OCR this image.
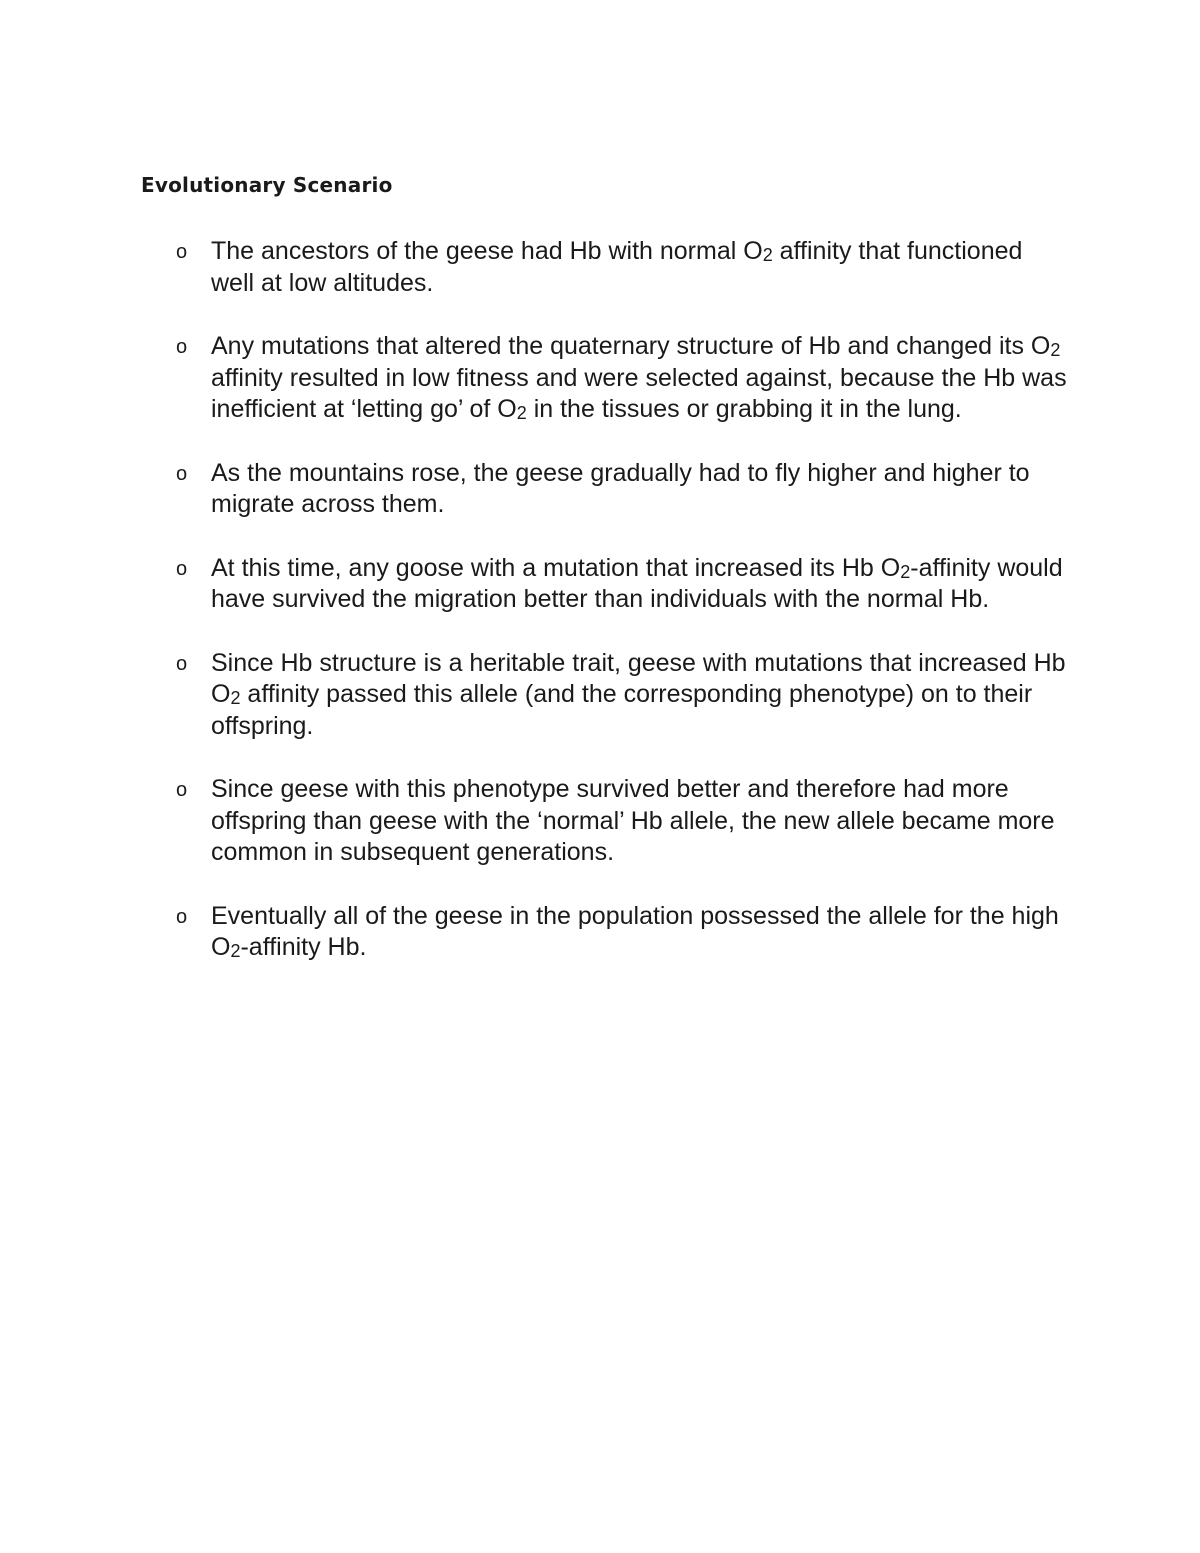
Evolutionary Scenario
o The ancestors of the geese had Hb with normal $O_2$ affinity that functioned well at low altitudes.
o Any mutations that altered the quaternary structure of Hb and changed its $O_2$ affinity resulted in low fitness and were selected against, because the Hb was inefficient at ‘letting go’ of $O_2$ in the tissues or grabbing it in the lung.
o As the mountains rose, the geese gradually had to fly higher and higher to migrate across them.
o At this time, any goose with a mutation that increased its Hb $O_2$-affinity would have survived the migration better than individuals with the normal Hb.
o Since Hb structure is a heritable trait, geese with mutations that increased Hb $O_2$ affinity passed this allele (and the corresponding phenotype) on to their offspring.
o Since geese with this phenotype survived better and therefore had more offspring than geese with the ‘normal’ Hb allele, the new allele became more common in subsequent generations.
o Eventually all of the geese in the population possessed the allele for the high $O_2$-affinity Hb.
